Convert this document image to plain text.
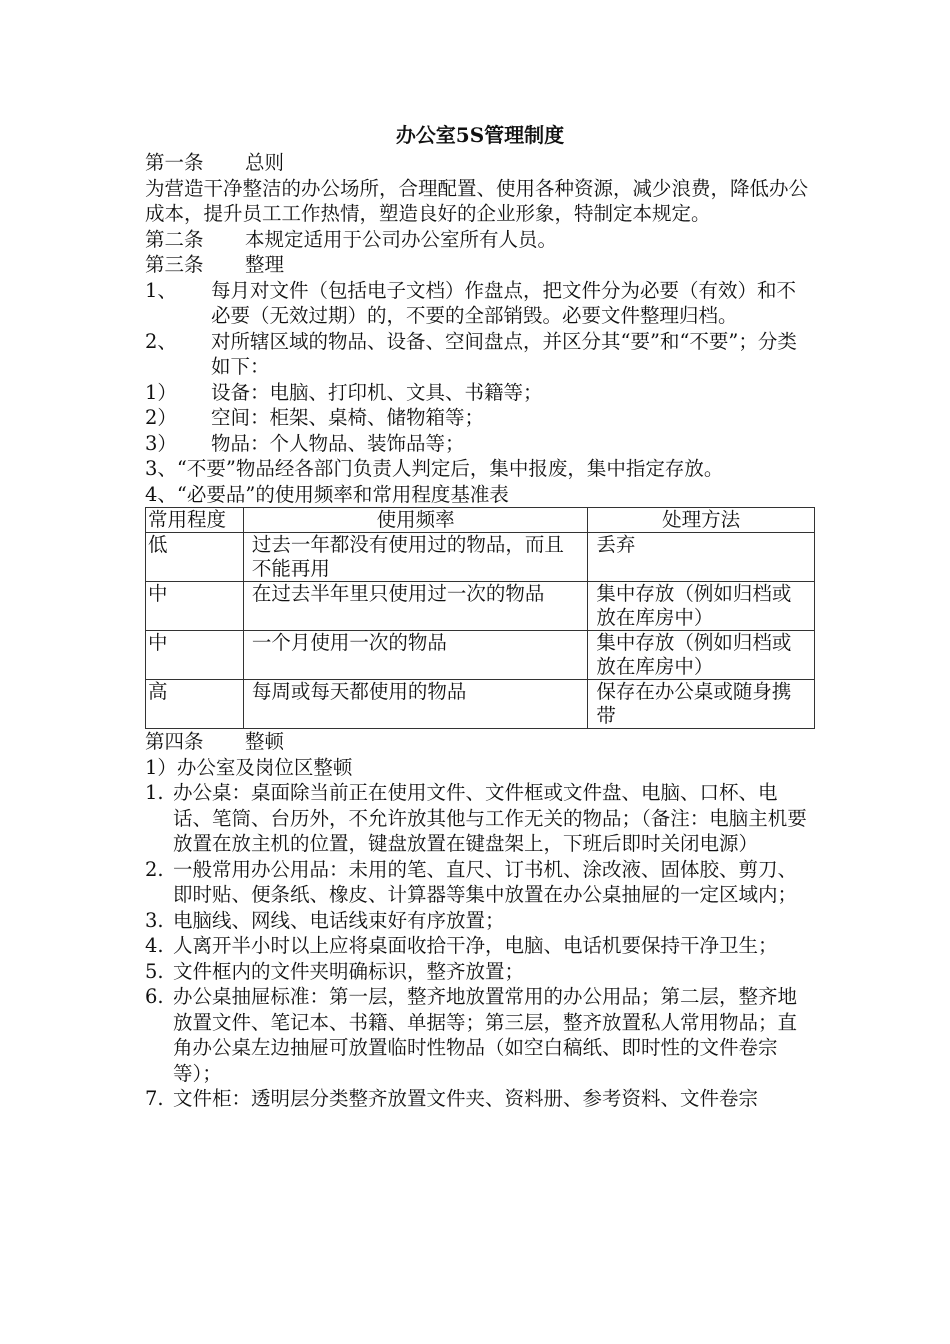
办公室5S管理制度
第一条 总则
为营造干净整洁的办公场所，合理配置、使用各种资源，减少浪费，降低办公成本，提升员工工作热情，塑造良好的企业形象，特制定本规定。
第二条 本规定适用于公司办公室所有人员。
第三条 整理
1、	每月对文件（包括电子文档）作盘点，把文件分为必要（有效）和不必要（无效过期）的，不要的全部销毁。必要文件整理归档。
2、	对所辖区域的物品、设备、空间盘点，并区分其“要”和“不要”；分类如下：
1）	设备：电脑、打印机、文具、书籍等；
2）	空间：柜架、桌椅、储物箱等；
3）	物品：个人物品、装饰品等；
3、“不要”物品经各部门负责人判定后，集中报废，集中指定存放。
4、“必要品”的使用频率和常用程度基准表
常用程度	使用频率	处理方法
低	过去一年都没有使用过的物品，而且不能再用	丢弃
中	在过去半年里只使用过一次的物品	集中存放（例如归档或放在库房中）
中	一个月使用一次的物品	集中存放（例如归档或放在库房中）
高	每周或每天都使用的物品	保存在办公桌或随身携带
第四条 整顿
1）办公室及岗位区整顿
1. 办公桌：桌面除当前正在使用文件、文件框或文件盘、电脑、口杯、电话、笔筒、台历外，不允许放其他与工作无关的物品；（备注：电脑主机要放置在放主机的位置，键盘放置在键盘架上，下班后即时关闭电源）
2. 一般常用办公用品：未用的笔、直尺、订书机、涂改液、固体胶、剪刀、即时贴、便条纸、橡皮、计算器等集中放置在办公桌抽屉的一定区域内；
3. 电脑线、网线、电话线束好有序放置；
4. 人离开半小时以上应将桌面收拾干净，电脑、电话机要保持干净卫生；
5. 文件框内的文件夹明确标识，整齐放置；
6. 办公桌抽屉标准：第一层，整齐地放置常用的办公用品；第二层，整齐地放置文件、笔记本、书籍、单据等；第三层，整齐放置私人常用物品；直角办公桌左边抽屉可放置临时性物品（如空白稿纸、即时性的文件卷宗等）；
7. 文件柜：透明层分类整齐放置文件夹、资料册、参考资料、文件卷宗
